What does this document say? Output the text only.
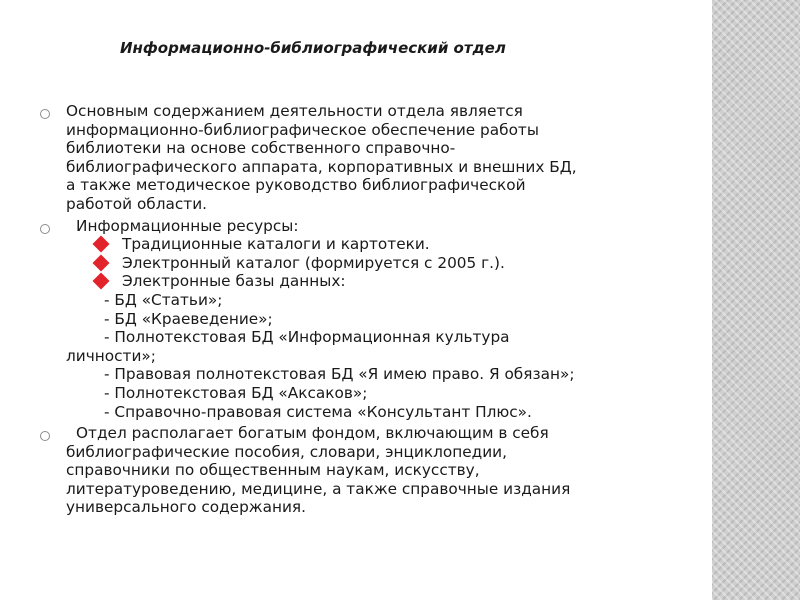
Информационно-библиографический отдел

Основным содержанием деятельности отдела является

информационно-библиографическое обеспечение работы

библиотеки на основе собственного справочно-

библиографического аппарата, корпоративных и внешних БД,

а также методическое руководство библиографической

работой области.

Информационные ресурсы:

Традиционные каталоги и картотеки.

Электронный каталог (формируется с 2005 г.).

Электронные базы данных:

- БД «Статьи»;

- БД «Краеведение»;

- Полнотекстовая БД «Информационная культура

личности»;

- Правовая полнотекстовая БД «Я имею право. Я обязан»;

- Полнотекстовая БД «Аксаков»;

- Справочно-правовая система «Консультант Плюс».

Отдел располагает богатым фондом, включающим в себя

библиографические пособия, словари, энциклопедии,

справочники по общественным наукам, искусству,

литературоведению, медицине, а также справочные издания

универсального содержания.
